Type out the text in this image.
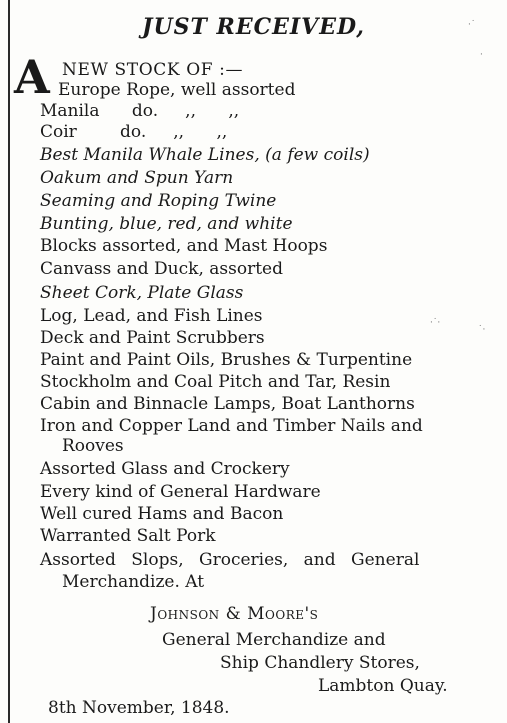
JUST RECEIVED,
A NEW STOCK OF :—
Europe Rope, well assorted
Manila      do.     ,,      ,,
Coir        do.     ,,      ,,
Best Manila Whale Lines, (a few coils)
Oakum and Spun Yarn
Seaming and Roping Twine
Bunting, blue, red, and white
Blocks assorted, and Mast Hoops
Canvass and Duck, assorted
Sheet Cork, Plate Glass
Log, Lead, and Fish Lines
Deck and Paint Scrubbers
Paint and Paint Oils, Brushes & Turpentine
Stockholm and Coal Pitch and Tar, Resin
Cabin and Binnacle Lamps, Boat Lanthorns
Iron and Copper Land and Timber Nails and
Rooves
Assorted Glass and Crockery
Every kind of General Hardware
Well cured Hams and Bacon
Warranted Salt Pork
Assorted Slops, Groceries, and General
Merchandize. At
Johnson & Moore's
General Merchandize and
Ship Chandlery Stores,
Lambton Quay.
8th November, 1848.
·˙
·
·˙·
˙·
